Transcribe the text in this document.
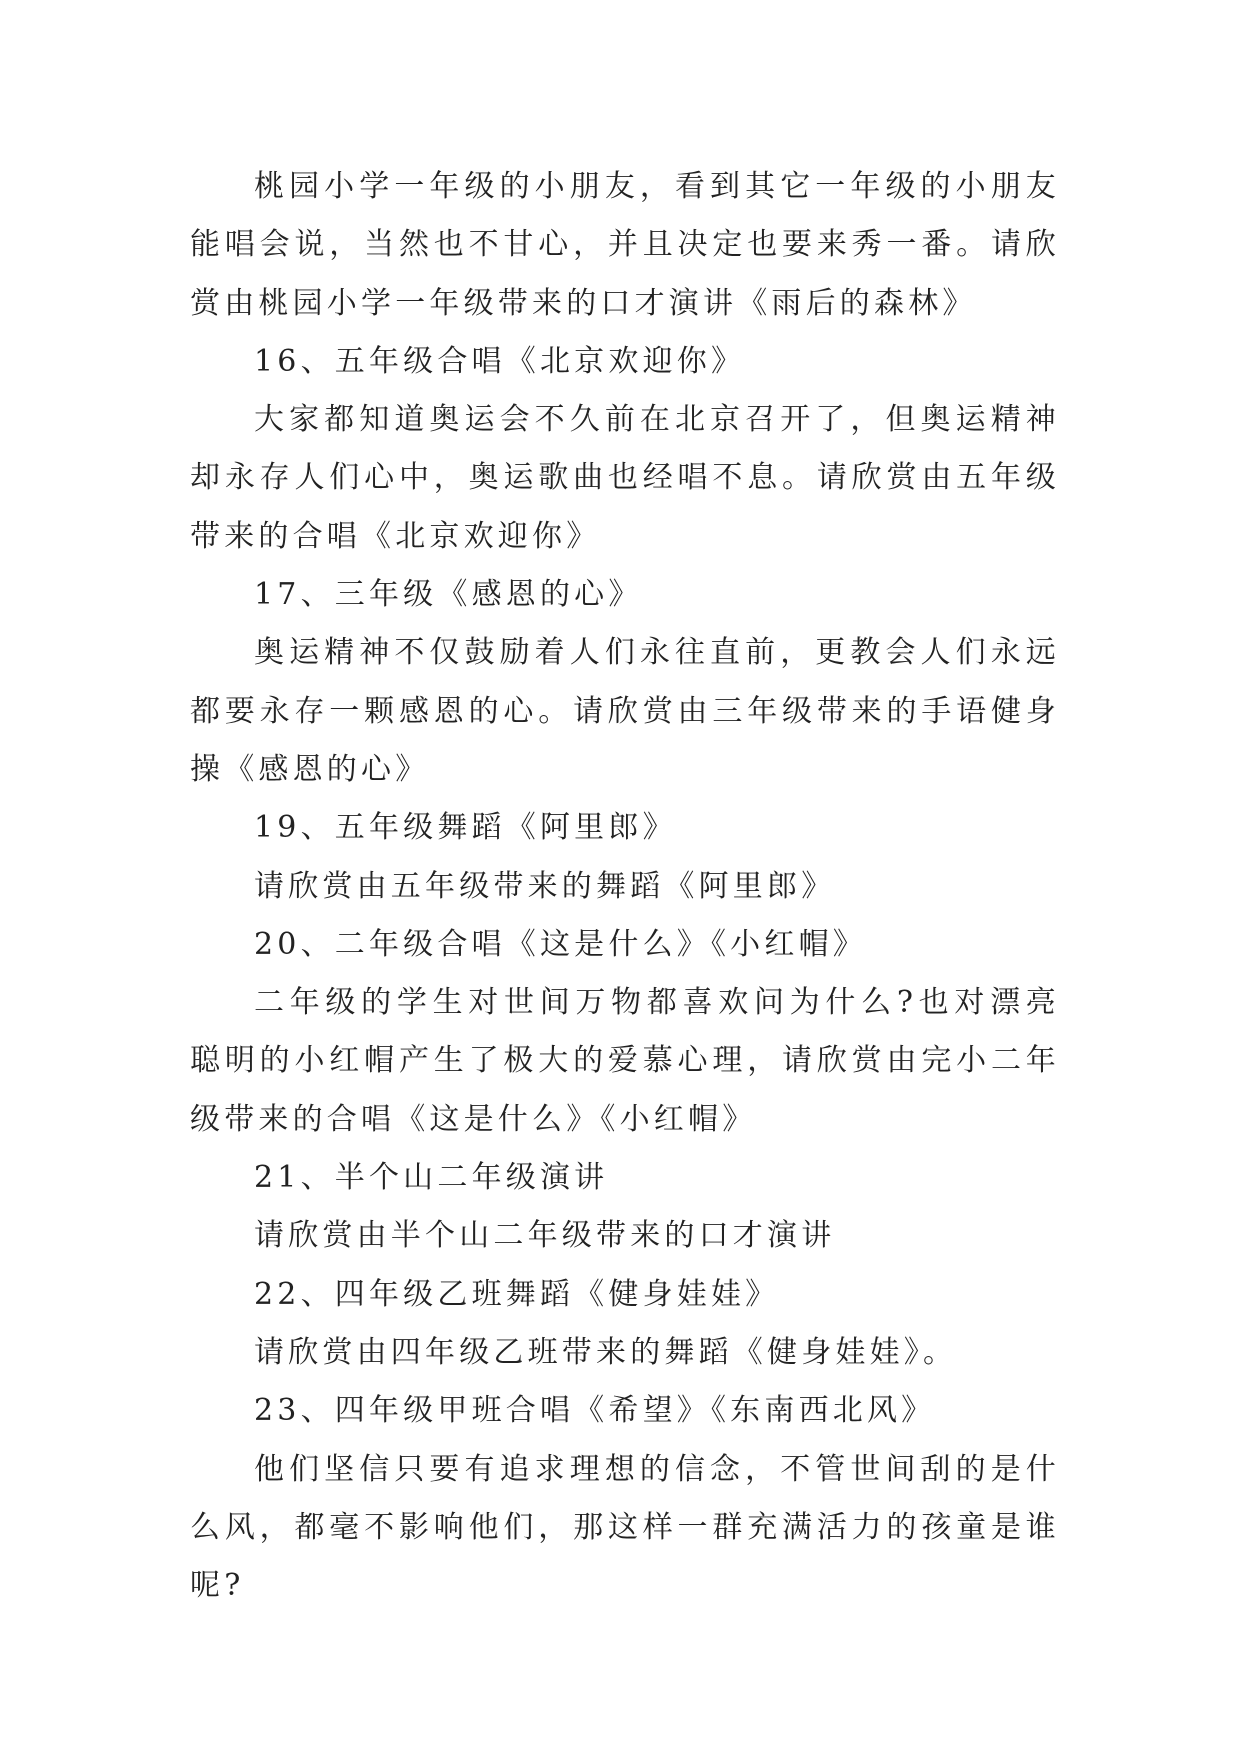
桃园小学一年级的小朋友，看到其它一年级的小朋友能唱会说，当然也不甘心，并且决定也要来秀一番。请欣赏由桃园小学一年级带来的口才演讲《雨后的森林》

16、五年级合唱《北京欢迎你》

大家都知道奥运会不久前在北京召开了，但奥运精神却永存人们心中，奥运歌曲也经唱不息。请欣赏由五年级带来的合唱《北京欢迎你》

17、三年级《感恩的心》

奥运精神不仅鼓励着人们永往直前，更教会人们永远都要永存一颗感恩的心。请欣赏由三年级带来的手语健身操《感恩的心》

19、五年级舞蹈《阿里郎》

请欣赏由五年级带来的舞蹈《阿里郎》

20、二年级合唱《这是什么》《小红帽》

二年级的学生对世间万物都喜欢问为什么?也对漂亮聪明的小红帽产生了极大的爱慕心理，请欣赏由完小二年级带来的合唱《这是什么》《小红帽》

21、半个山二年级演讲

请欣赏由半个山二年级带来的口才演讲

22、四年级乙班舞蹈《健身娃娃》

请欣赏由四年级乙班带来的舞蹈《健身娃娃》。

23、四年级甲班合唱《希望》《东南西北风》

他们坚信只要有追求理想的信念，不管世间刮的是什么风，都毫不影响他们，那这样一群充满活力的孩童是谁呢?
